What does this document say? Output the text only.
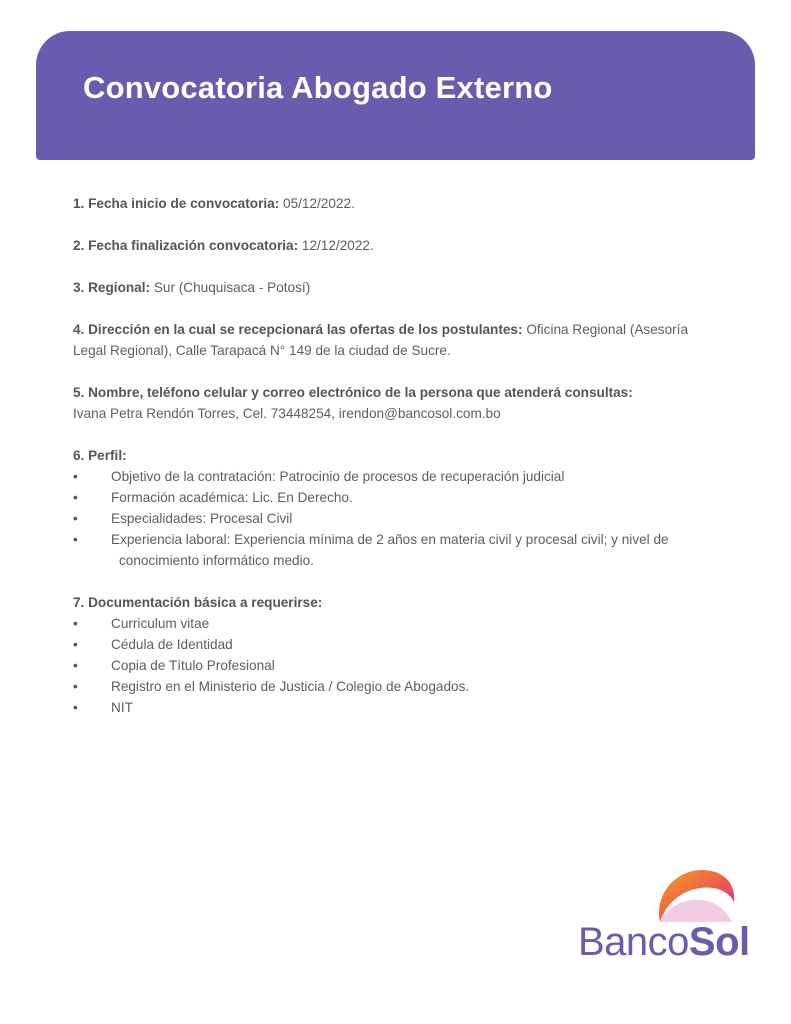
Convocatoria Abogado Externo

1. Fecha inicio de convocatoria: 05/12/2022.

2. Fecha finalización convocatoria: 12/12/2022.

3. Regional: Sur (Chuquisaca - Potosí)

4. Dirección en la cual se recepcionará las ofertas de los postulantes: Oficina Regional (Asesoría Legal Regional), Calle Tarapacá N° 149 de la ciudad de Sucre.

5. Nombre, teléfono celular y correo electrónico de la persona que atenderá consultas:
Ivana Petra Rendón Torres, Cel. 73448254, irendon@bancosol.com.bo

6. Perfil:
• Objetivo de la contratación: Patrocinio de procesos de recuperación judicial
• Formación académica: Lic. En Derecho.
• Especialidades: Procesal Civil
• Experiencia laboral: Experiencia mínima de 2 años en materia civil y procesal civil; y nivel de
conocimiento informático medio.
7. Documentación básica a requerirse:
• Curriculum vitae
• Cédula de Identidad
• Copia de Título Profesional
• Registro en el Ministerio de Justicia / Colegio de Abogados.
• NIT
BancoSol
